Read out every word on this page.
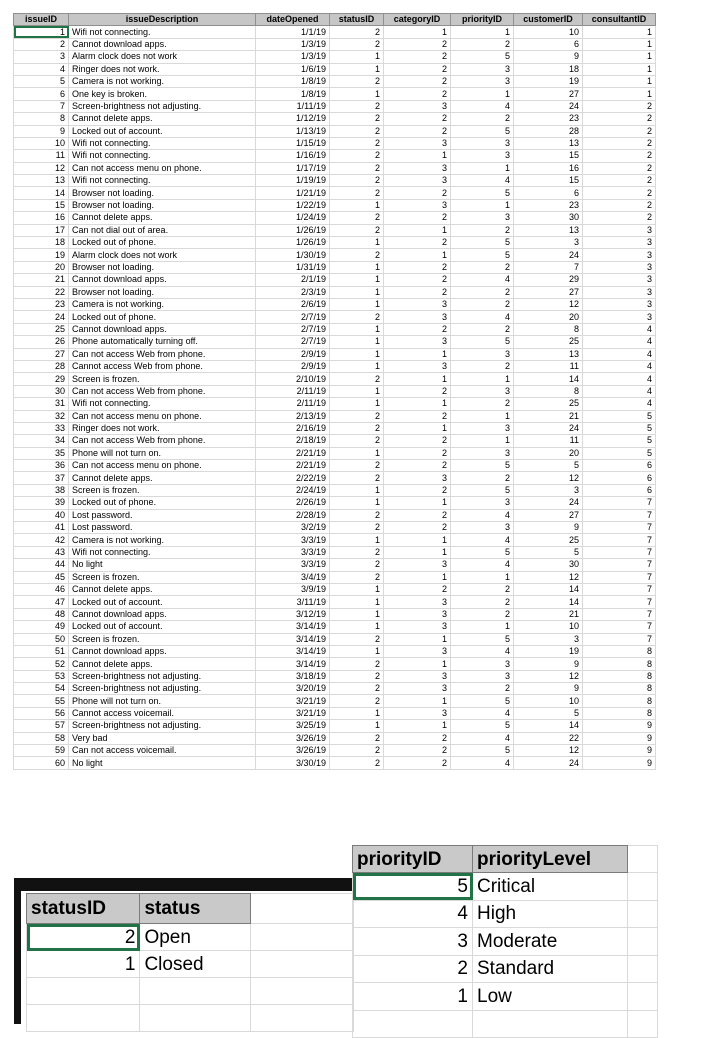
issueID	issueDescription	dateOpened	statusID	categoryID	priorityID	customerID	consultantID
1	Wifi not connecting.	1/1/19	2	1	1	10	1
2	Cannot download apps.	1/3/19	2	2	2	6	1
3	Alarm clock does not work	1/3/19	1	2	5	9	1
4	Ringer does not work.	1/6/19	1	2	3	18	1
5	Camera is not working.	1/8/19	2	2	3	19	1
6	One key is broken.	1/8/19	1	2	1	27	1
7	Screen-brightness not adjusting.	1/11/19	2	3	4	24	2
8	Cannot delete apps.	1/12/19	2	2	2	23	2
9	Locked out of account.	1/13/19	2	2	5	28	2
10	Wifi not connecting.	1/15/19	2	3	3	13	2
11	Wifi not connecting.	1/16/19	2	1	3	15	2
12	Can not access menu on phone.	1/17/19	2	3	1	16	2
13	Wifi not connecting.	1/19/19	2	3	4	15	2
14	Browser not loading.	1/21/19	2	2	5	6	2
15	Browser not loading.	1/22/19	1	3	1	23	2
16	Cannot delete apps.	1/24/19	2	2	3	30	2
17	Can not dial out of area.	1/26/19	2	1	2	13	3
18	Locked out of phone.	1/26/19	1	2	5	3	3
19	Alarm clock does not work	1/30/19	2	1	5	24	3
20	Browser not loading.	1/31/19	1	2	2	7	3
21	Cannot download apps.	2/1/19	1	2	4	29	3
22	Browser not loading.	2/3/19	1	2	2	27	3
23	Camera is not working.	2/6/19	1	3	2	12	3
24	Locked out of phone.	2/7/19	2	3	4	20	3
25	Cannot download apps.	2/7/19	1	2	2	8	4
26	Phone automatically turning off.	2/7/19	1	3	5	25	4
27	Can not access Web from phone.	2/9/19	1	1	3	13	4
28	Cannot access Web from phone.	2/9/19	1	3	2	11	4
29	Screen is frozen.	2/10/19	2	1	1	14	4
30	Can not access Web from phone.	2/11/19	1	2	3	8	4
31	Wifi not connecting.	2/11/19	1	1	2	25	4
32	Can not access menu on phone.	2/13/19	2	2	1	21	5
33	Ringer does not work.	2/16/19	2	1	3	24	5
34	Can not access Web from phone.	2/18/19	2	2	1	11	5
35	Phone will not turn on.	2/21/19	1	2	3	20	5
36	Can not access menu on phone.	2/21/19	2	2	5	5	6
37	Cannot delete apps.	2/22/19	2	3	2	12	6
38	Screen is frozen.	2/24/19	1	2	5	3	6
39	Locked out of phone.	2/26/19	1	1	3	24	7
40	Lost password.	2/28/19	2	2	4	27	7
41	Lost password.	3/2/19	2	2	3	9	7
42	Camera is not working.	3/3/19	1	1	4	25	7
43	Wifi not connecting.	3/3/19	2	1	5	5	7
44	No light	3/3/19	2	3	4	30	7
45	Screen is frozen.	3/4/19	2	1	1	12	7
46	Cannot delete apps.	3/9/19	1	2	2	14	7
47	Locked out of account.	3/11/19	1	3	2	14	7
48	Cannot download apps.	3/12/19	1	3	2	21	7
49	Locked out of account.	3/14/19	1	3	1	10	7
50	Screen is frozen.	3/14/19	2	1	5	3	7
51	Cannot download apps.	3/14/19	1	3	4	19	8
52	Cannot delete apps.	3/14/19	2	1	3	9	8
53	Screen-brightness not adjusting.	3/18/19	2	3	3	12	8
54	Screen-brightness not adjusting.	3/20/19	2	3	2	9	8
55	Phone will not turn on.	3/21/19	2	1	5	10	8
56	Cannot access voicemail.	3/21/19	1	3	4	5	8
57	Screen-brightness not adjusting.	3/25/19	1	1	5	14	9
58	Very bad	3/26/19	2	2	4	22	9
59	Can not access voicemail.	3/26/19	2	2	5	12	9
60	No light	3/30/19	2	2	4	24	9
statusID	status	
2	Open	
1	Closed	

priorityID	priorityLevel	
5	Critical	
4	High	
3	Moderate	
2	Standard	
1	Low	
